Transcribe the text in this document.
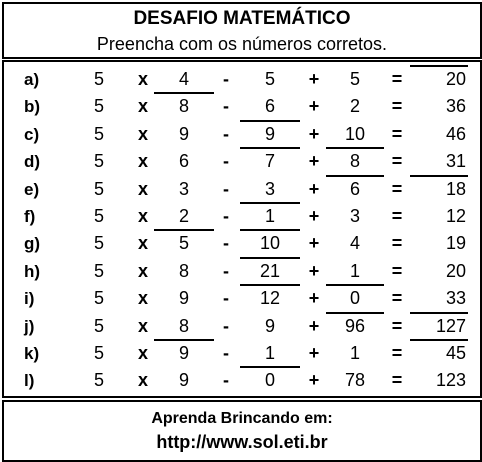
DESAFIO MATEMÁTICO
Preencha com os números corretos.
a)	5	x	4	-	5	+	5	=	20
b)	5	x	8	-	6	+	2	=	36
c)	5	x	9	-	9	+	10	=	46
d)	5	x	6	-	7	+	8	=	31
e)	5	x	3	-	3	+	6	=	18
f)	5	x	2	-	1	+	3	=	12
g)	5	x	5	-	10	+	4	=	19
h)	5	x	8	-	21	+	1	=	20
i)	5	x	9	-	12	+	0	=	33
j)	5	x	8	-	9	+	96	=	127
k)	5	x	9	-	1	+	1	=	45
l)	5	x	9	-	0	+	78	=	123
Aprenda Brincando em:
http://www.sol.eti.br
